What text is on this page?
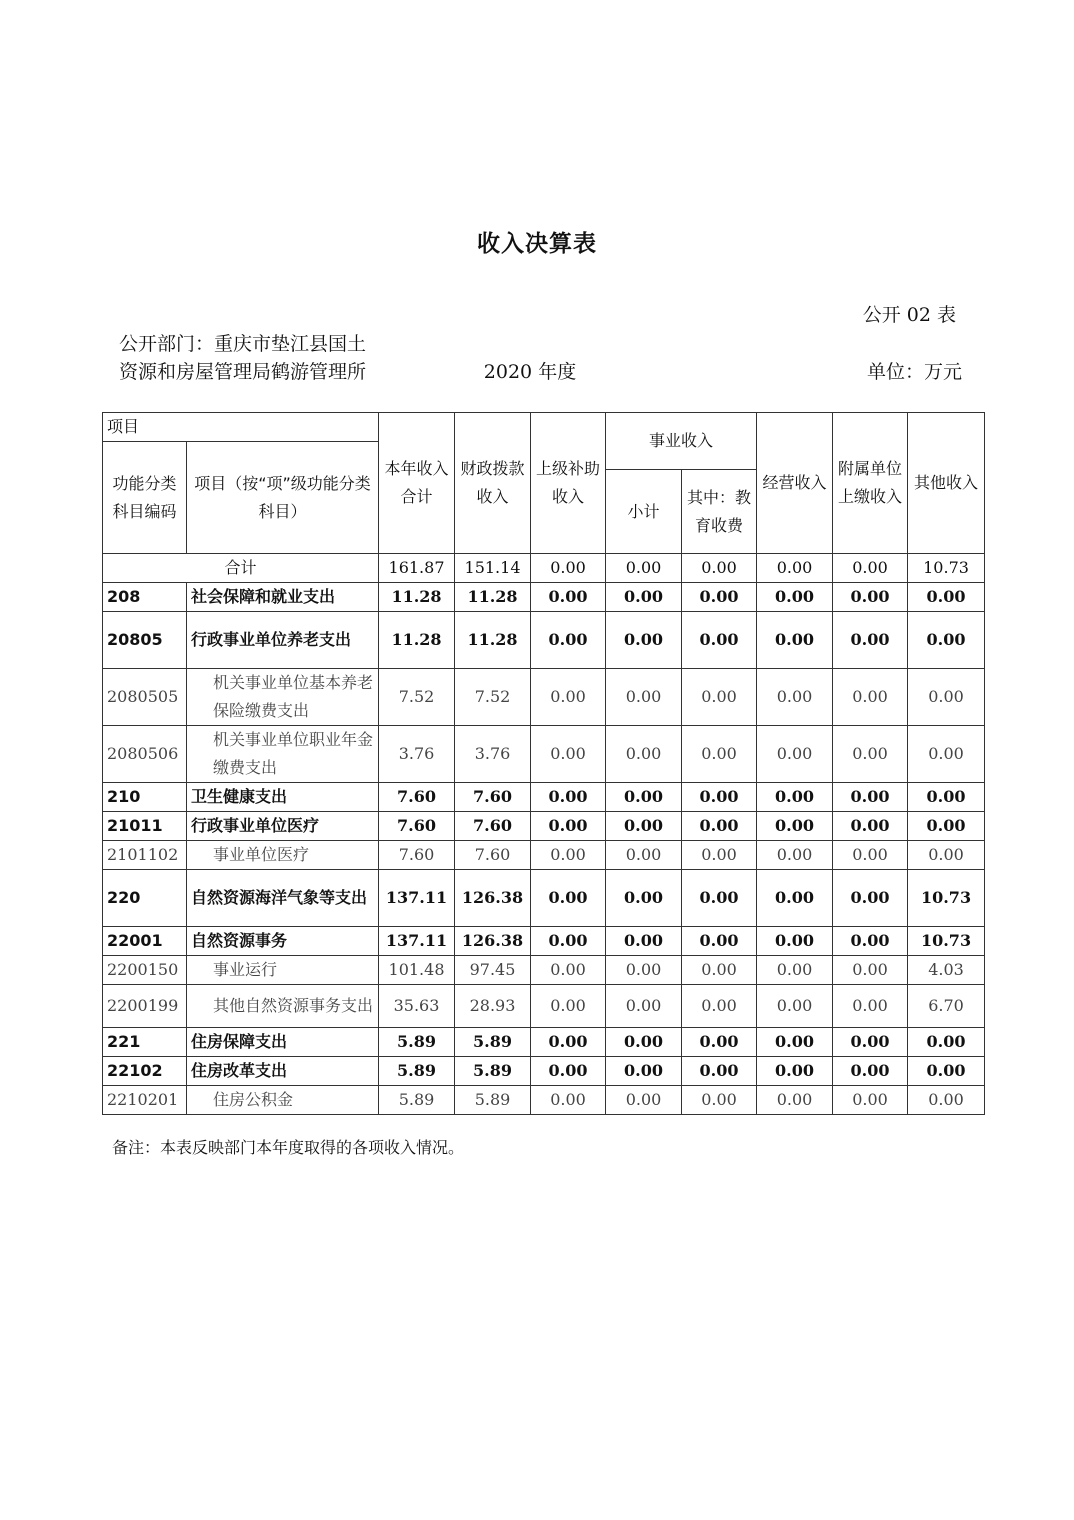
收入决算表
公开 02 表
公开部门：重庆市垫江县国土资源和房屋管理局鹤游管理所	2020 年度	单位：万元
项目		本年收入合计	财政拨款收入	上级补助收入	事业收入		经营收入	附属单位上缴收入	其他收入
功能分类科目编码	项目（按“项”级功能分类科目）								
					小计	其中：教育收费			
合计		161.87	151.14	0.00	0.00	0.00	0.00	0.00	10.73
208	社会保障和就业支出	11.28	11.28	0.00	0.00	0.00	0.00	0.00	0.00
20805	行政事业单位养老支出	11.28	11.28	0.00	0.00	0.00	0.00	0.00	0.00
2080505	机关事业单位基本养老保险缴费支出	7.52	7.52	0.00	0.00	0.00	0.00	0.00	0.00
2080506	机关事业单位职业年金缴费支出	3.76	3.76	0.00	0.00	0.00	0.00	0.00	0.00
210	卫生健康支出	7.60	7.60	0.00	0.00	0.00	0.00	0.00	0.00
21011	行政事业单位医疗	7.60	7.60	0.00	0.00	0.00	0.00	0.00	0.00
2101102	事业单位医疗	7.60	7.60	0.00	0.00	0.00	0.00	0.00	0.00
220	自然资源海洋气象等支出	137.11	126.38	0.00	0.00	0.00	0.00	0.00	10.73
22001	自然资源事务	137.11	126.38	0.00	0.00	0.00	0.00	0.00	10.73
2200150	事业运行	101.48	97.45	0.00	0.00	0.00	0.00	0.00	4.03
2200199	其他自然资源事务支出	35.63	28.93	0.00	0.00	0.00	0.00	0.00	6.70
221	住房保障支出	5.89	5.89	0.00	0.00	0.00	0.00	0.00	0.00
22102	住房改革支出	5.89	5.89	0.00	0.00	0.00	0.00	0.00	0.00
2210201	住房公积金	5.89	5.89	0.00	0.00	0.00	0.00	0.00	0.00
备注：本表反映部门本年度取得的各项收入情况。
